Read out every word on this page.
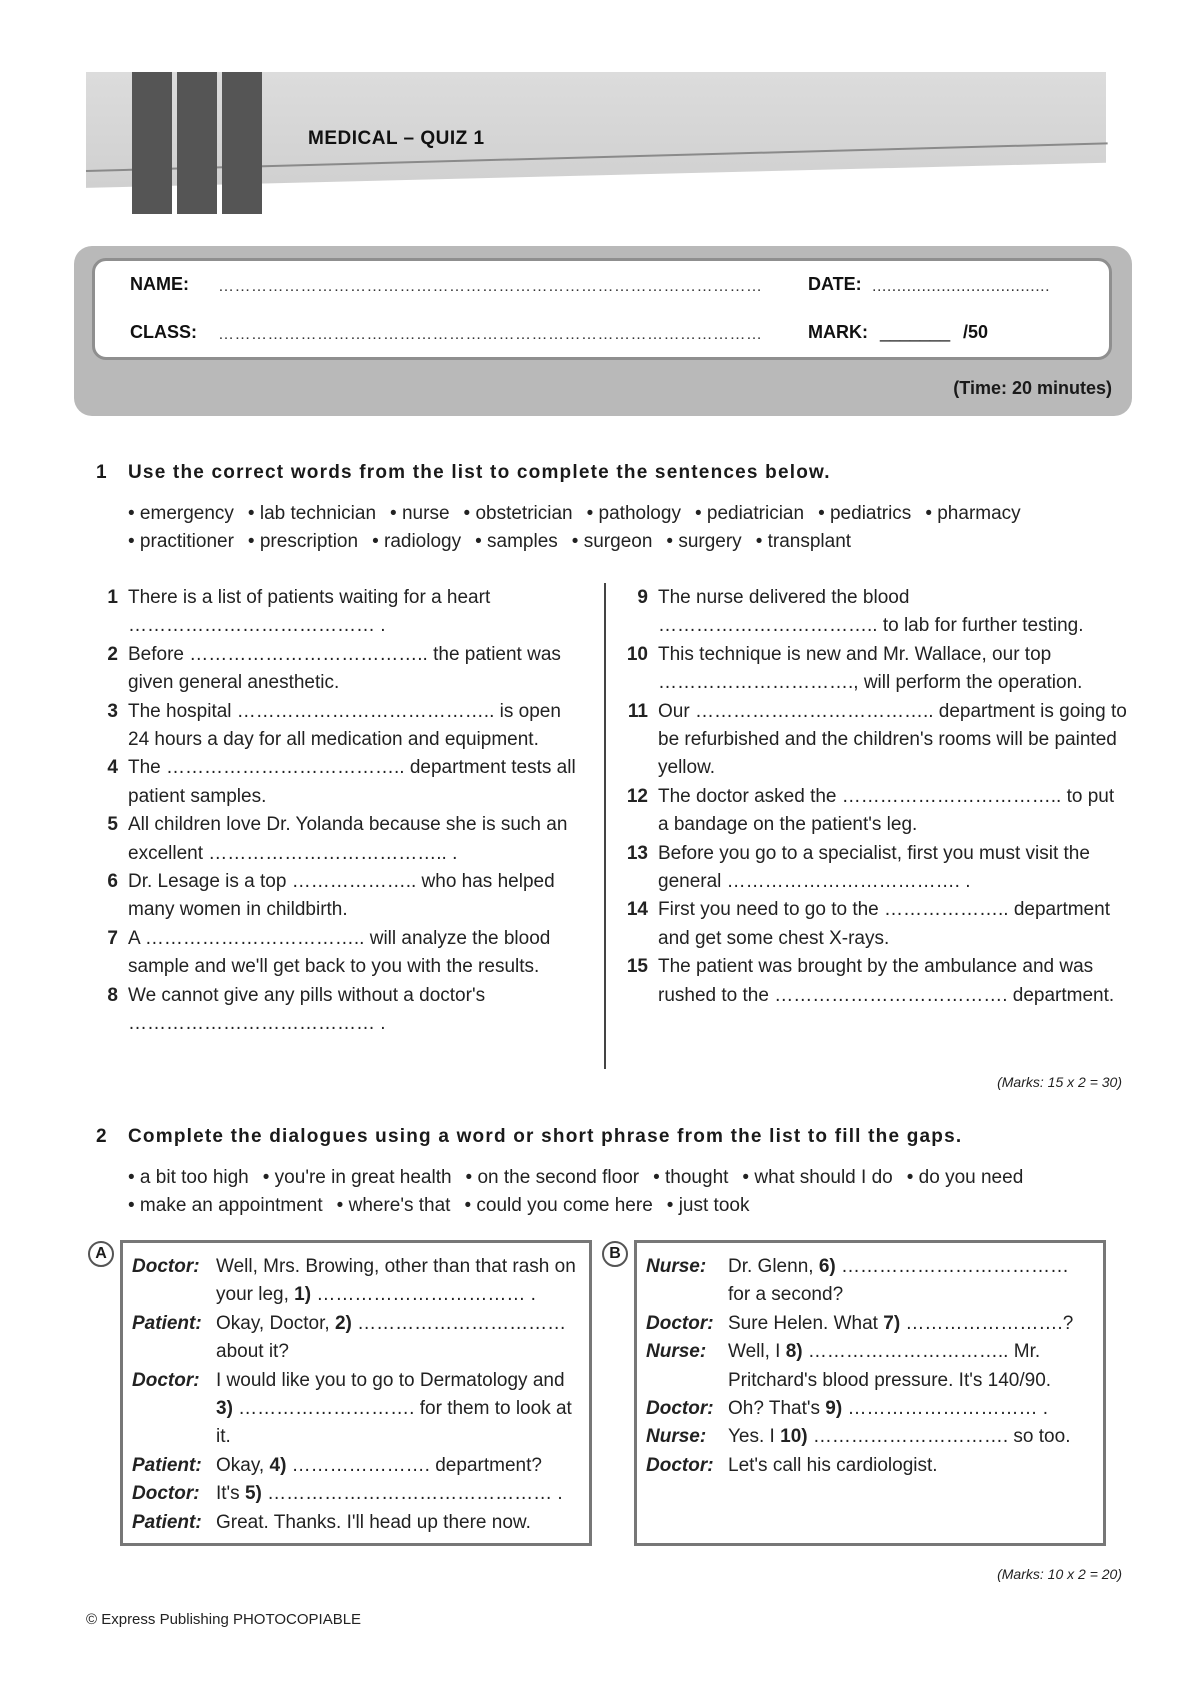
MEDICAL – QUIZ 1
NAME: ………………………………………………………………………………………	DATE: ....................................
CLASS: ………………………………………………………………………………………	MARK: _______ /50
(Time: 20 minutes)
1 Use the correct words from the list to complete the sentences below.
• emergency • lab technician • nurse • obstetrician • pathology • pediatrician • pediatrics • pharmacy
• practitioner • prescription • radiology • samples • surgeon • surgery • transplant
1 There is a list of patients waiting for a heart ………………………………… .
2 Before ……………………………….. the patient was given general anesthetic.
3 The hospital ………………………………….. is open 24 hours a day for all medication and equipment.
4 The ……………………………….. department tests all patient samples.
5 All children love Dr. Yolanda because she is such an excellent ……………………………….. .
6 Dr. Lesage is a top ……………….. who has helped many women in childbirth.
7 A …………………………….. will analyze the blood sample and we'll get back to you with the results.
8 We cannot give any pills without a doctor's ………………………………… .
9 The nurse delivered the blood …………………………….. to lab for further testing.
10 This technique is new and Mr. Wallace, our top …………………………., will perform the operation.
11 Our ……………………………….. department is going to be refurbished and the children's rooms will be painted yellow.
12 The doctor asked the …………………………….. to put a bandage on the patient's leg.
13 Before you go to a specialist, first you must visit the general ………………………………. .
14 First you need to go to the ……………….. department and get some chest X-rays.
15 The patient was brought by the ambulance and was rushed to the ………………………………. department.
(Marks: 15 x 2 = 30)
2 Complete the dialogues using a word or short phrase from the list to fill the gaps.
• a bit too high • you're in great health • on the second floor • thought • what should I do • do you need
• make an appointment • where's that • could you come here • just took
A
Doctor: Well, Mrs. Browing, other than that rash on your leg, 1) …………………………… .
Patient: Okay, Doctor, 2) …………………………… about it?
Doctor: I would like you to go to Dermatology and 3) ………………………. for them to look at it.
Patient: Okay, 4) …………………. department?
Doctor: It's 5) ……………………………………… .
Patient: Great. Thanks. I'll head up there now.
B
Nurse:	Dr. Glenn, 6) ……………………………… for a second?
Doctor: Sure Helen. What 7) …………………….?
Nurse:	Well, I 8) ………………………….. Mr. Pritchard's blood pressure. It's 140/90.
Doctor: Oh? That's 9) ………………………… .
Nurse:	Yes. I 10) …………………………. so too.
Doctor: Let's call his cardiologist.
(Marks: 10 x 2 = 20)
© Express Publishing PHOTOCOPIABLE
